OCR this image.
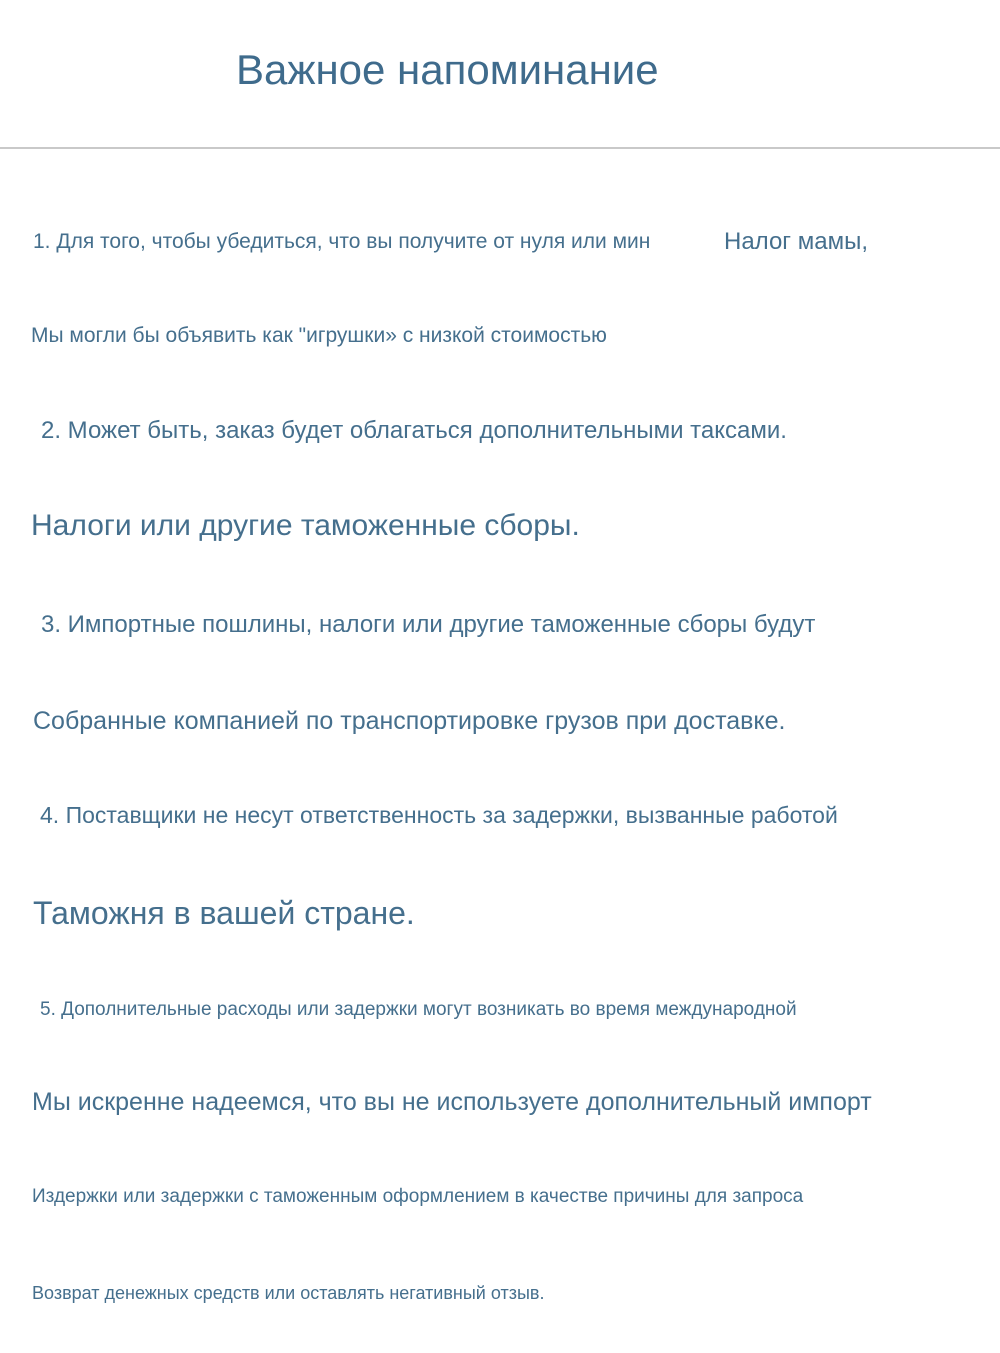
Важное напоминание

1. Для того, чтобы убедиться, что вы получите от нуля или мин	Налог мамы,

Мы могли бы объявить как "игрушки» с низкой стоимостью

2. Может быть, заказ будет облагаться дополнительными таксами.

Налоги или другие таможенные сборы.

3. Импортные пошлины, налоги или другие таможенные сборы будут

Собранные компанией по транспортировке грузов при доставке.

4. Поставщики не несут ответственность за задержки, вызванные работой

Таможня в вашей стране.

5. Дополнительные расходы или задержки могут возникать во время международной

Мы искренне надеемся, что вы не используете дополнительный импорт

Издержки или задержки с таможенным оформлением в качестве причины для запроса

Возврат денежных средств или оставлять негативный отзыв.
